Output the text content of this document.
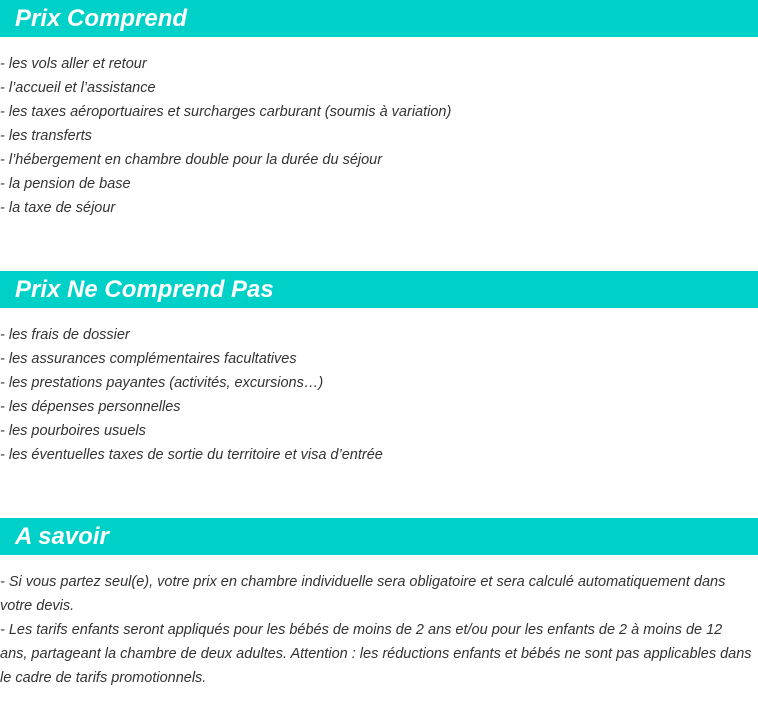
Prix Comprend
- les vols aller et retour
- l’accueil et l’assistance
- les taxes aéroportuaires et surcharges carburant (soumis à variation)
- les transferts
- l’hébergement en chambre double pour la durée du séjour
- la pension de base
- la taxe de séjour
Prix Ne Comprend Pas
- les frais de dossier
- les assurances complémentaires facultatives
- les prestations payantes (activités, excursions…)
- les dépenses personnelles
- les pourboires usuels
- les éventuelles taxes de sortie du territoire et visa d’entrée
A savoir

- Si vous partez seul(e), votre prix en chambre individuelle sera obligatoire et sera calculé automatiquement dans votre devis.

- Les tarifs enfants seront appliqués pour les bébés de moins de 2 ans et/ou pour les enfants de 2 à moins de 12 ans, partageant la chambre de deux adultes. Attention : les réductions enfants et bébés ne sont pas applicables dans le cadre de tarifs promotionnels.
